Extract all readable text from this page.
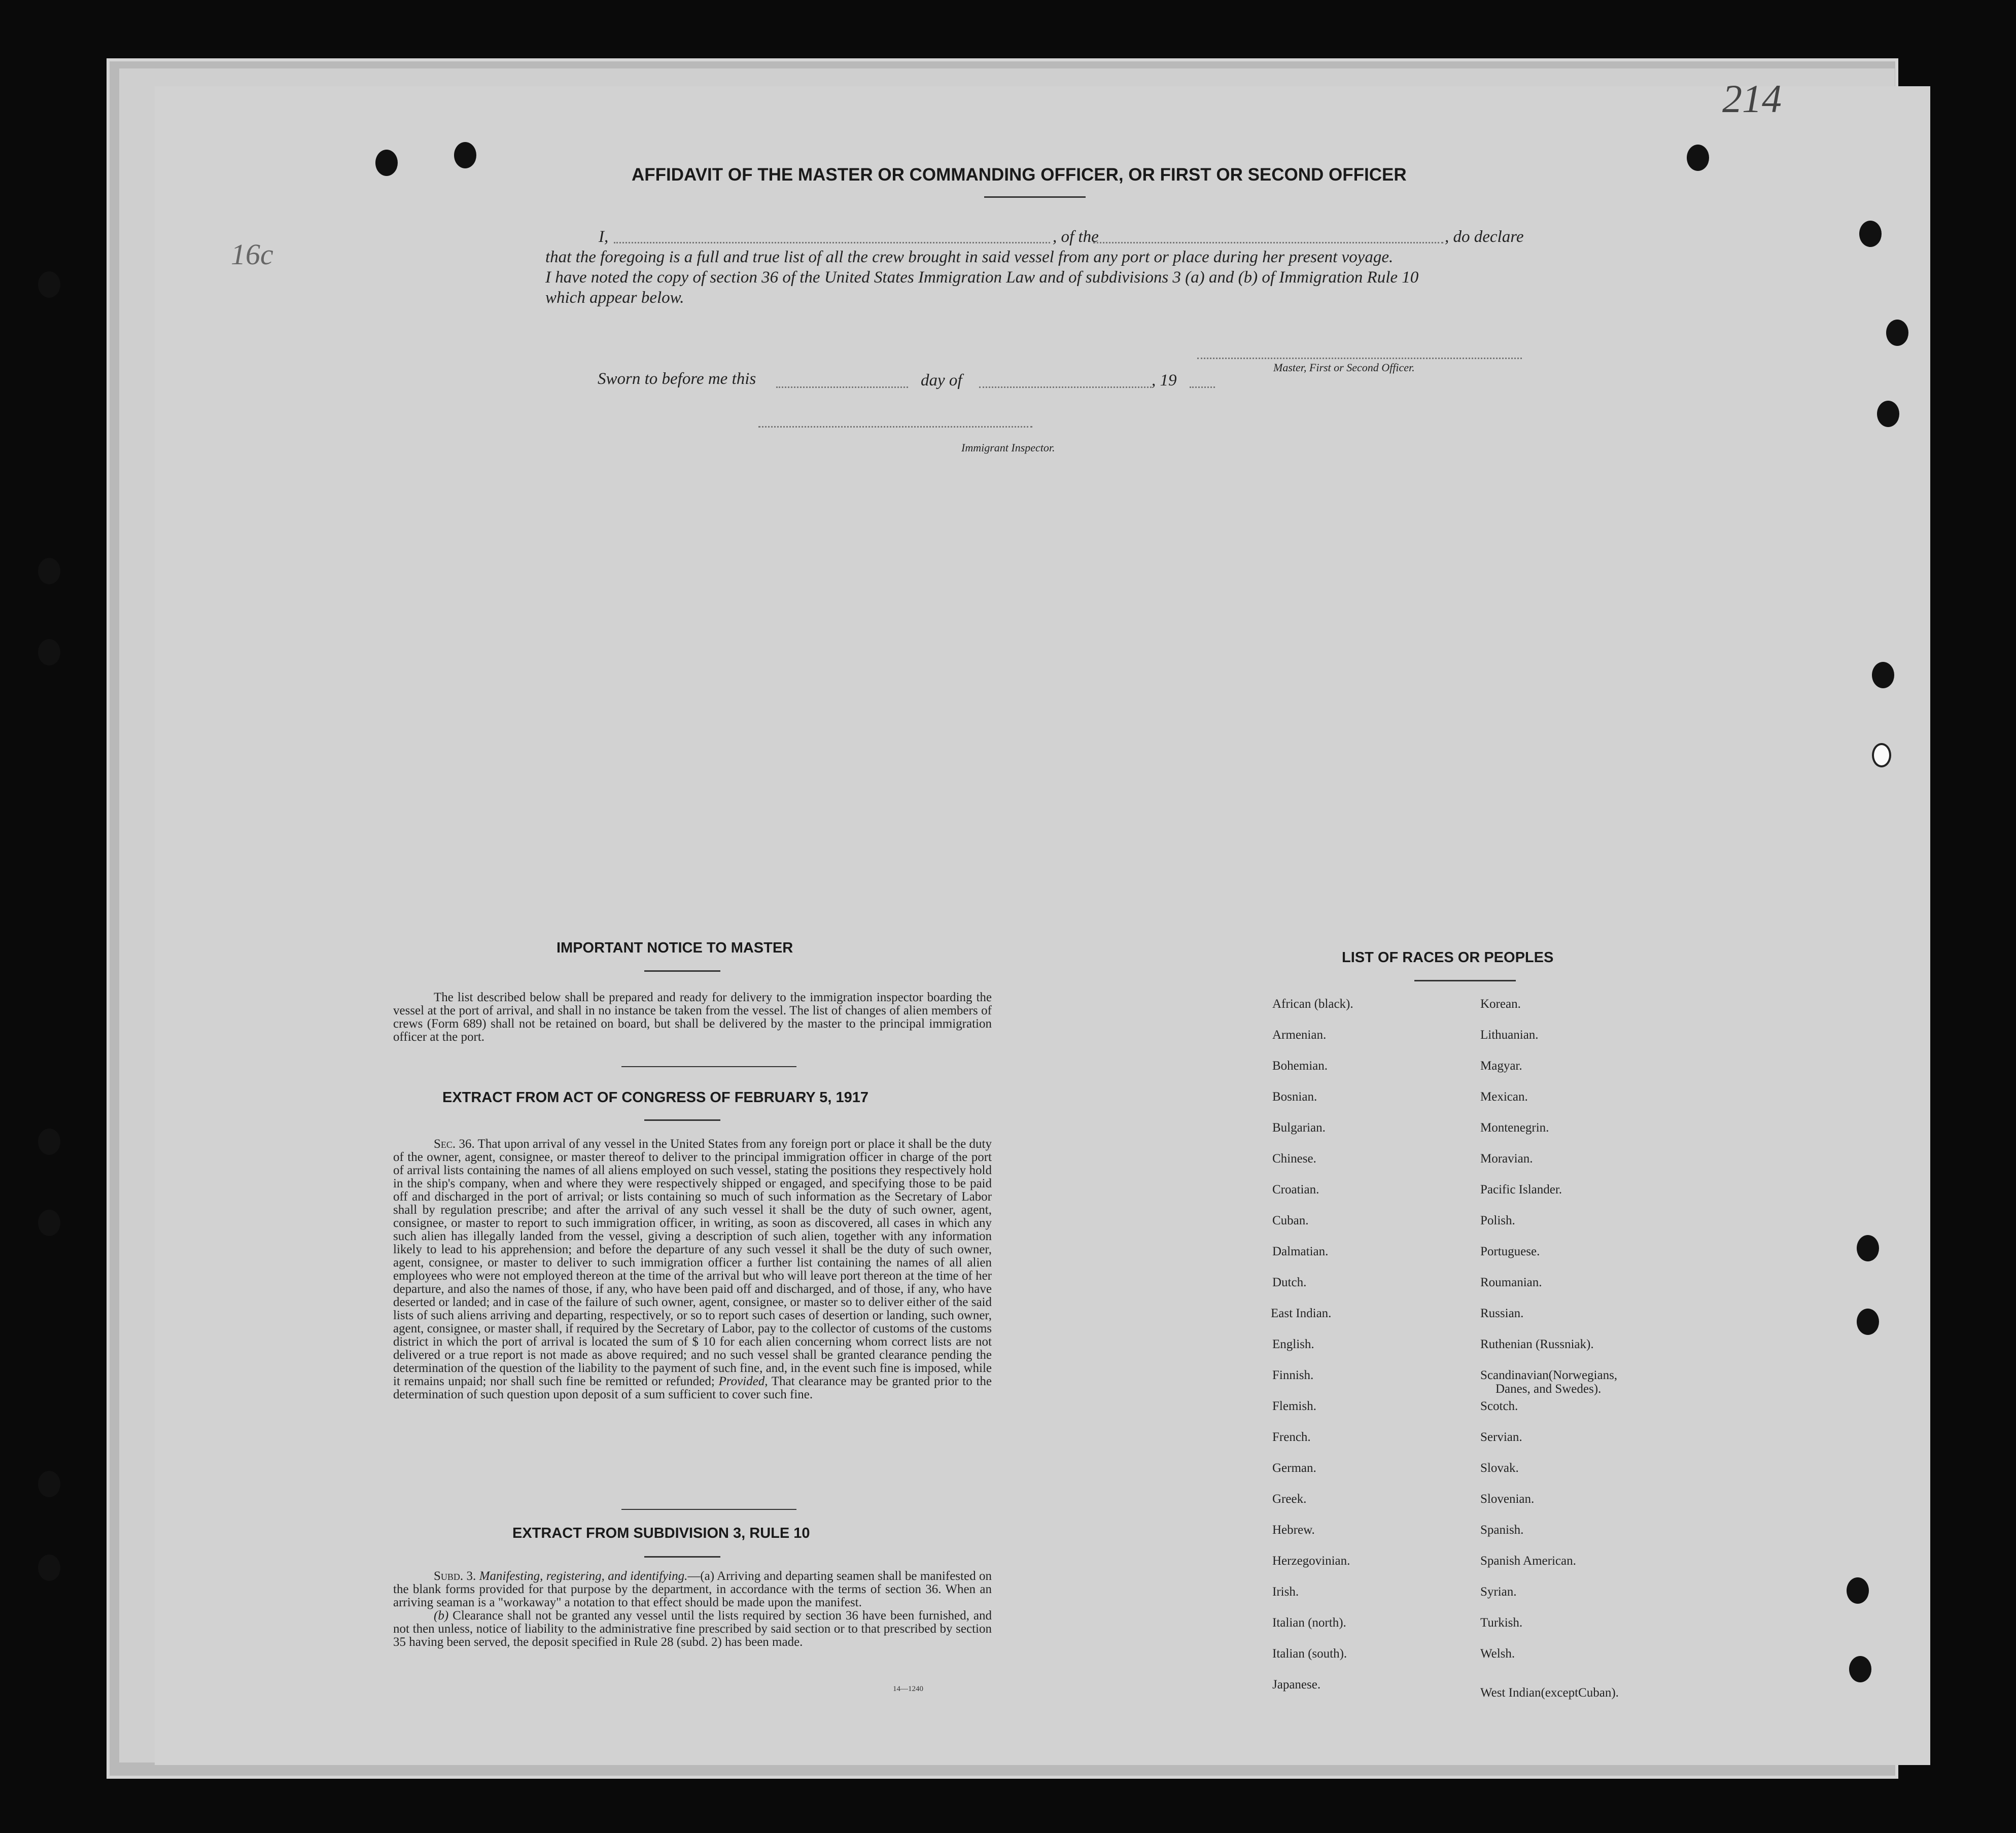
214
16c
AFFIDAVIT OF THE MASTER OR COMMANDING OFFICER, OR FIRST OR SECOND OFFICER
I,	, of the	, do declare
that the foregoing is a full and true list of all the crew brought in said vessel from any port or place during her present voyage.
I have noted the copy of section 36 of the United States Immigration Law and of subdivisions 3 (a) and (b) of Immigration Rule 10
which appear below.
Master, First or Second Officer.
Sworn to before me this	day of	, 19
Immigrant Inspector.
IMPORTANT NOTICE TO MASTER

The list described below shall be prepared and ready for delivery to the immigration inspector boarding the vessel at the port of arrival, and shall in no instance be taken from the vessel. The list of changes of alien members of crews (Form 689) shall not be retained on board, but shall be delivered by the master to the principal immigration officer at the port.

EXTRACT FROM ACT OF CONGRESS OF FEBRUARY 5, 1917

Sec. 36. That upon arrival of any vessel in the United States from any foreign port or place it shall be the duty of the owner, agent, consignee, or master thereof to deliver to the principal immigration officer in charge of the port of arrival lists containing the names of all aliens employed on such vessel, stating the positions they respectively hold in the ship's company, when and where they were respectively shipped or engaged, and specifying those to be paid off and discharged in the port of arrival; or lists containing so much of such information as the Secretary of Labor shall by regulation prescribe; and after the arrival of any such vessel it shall be the duty of such owner, agent, consignee, or master to report to such immigration officer, in writing, as soon as discovered, all cases in which any such alien has illegally landed from the vessel, giving a description of such alien, together with any information likely to lead to his apprehension; and before the departure of any such vessel it shall be the duty of such owner, agent, consignee, or master to deliver to such immigration officer a further list containing the names of all alien employees who were not employed thereon at the time of the arrival but who will leave port thereon at the time of her departure, and also the names of those, if any, who have been paid off and discharged, and of those, if any, who have deserted or landed; and in case of the failure of such owner, agent, consignee, or master so to deliver either of the said lists of such aliens arriving and departing, respectively, or so to report such cases of desertion or landing, such owner, agent, consignee, or master shall, if required by the Secretary of Labor, pay to the collector of customs of the customs district in which the port of arrival is located the sum of $ 10 for each alien concerning whom correct lists are not delivered or a true report is not made as above required; and no such vessel shall be granted clearance pending the determination of the question of the liability to the payment of such fine, and, in the event such fine is imposed, while it remains unpaid; nor shall such fine be remitted or refunded; Provided, That clearance may be granted prior to the determination of such question upon deposit of a sum sufficient to cover such fine.

EXTRACT FROM SUBDIVISION 3, RULE 10

Subd. 3. Manifesting, registering, and identifying.—(a) Arriving and departing seamen shall be manifested on the blank forms provided for that purpose by the department, in accordance with the terms of section 36. When an arriving seaman is a "workaway" a notation to that effect should be made upon the manifest.

(b) Clearance shall not be granted any vessel until the lists required by section 36 have been furnished, and not then unless, notice of liability to the administrative fine prescribed by said section or to that prescribed by section 35 having been served, the deposit specified in Rule 28 (subd. 2) has been made.

14—1240
LIST OF RACES OR PEOPLES
African (black).
Armenian.
Bohemian.
Bosnian.
Bulgarian.
Chinese.
Croatian.
Cuban.
Dalmatian.
Dutch.
East Indian.
English.
Finnish.
Flemish.
French.
German.
Greek.
Hebrew.
Herzegovinian.
Irish.
Italian (north).
Italian (south).
Japanese.
Korean.
Lithuanian.
Magyar.
Mexican.
Montenegrin.
Moravian.
Pacific Islander.
Polish.
Portuguese.
Roumanian.
Russian.
Ruthenian (Russniak).
Scandinavian(Norwegians,
Danes, and Swedes).
Scotch.
Servian.
Slovak.
Slovenian.
Spanish.
Spanish American.
Syrian.
Turkish.
Welsh.
West Indian(exceptCuban).
